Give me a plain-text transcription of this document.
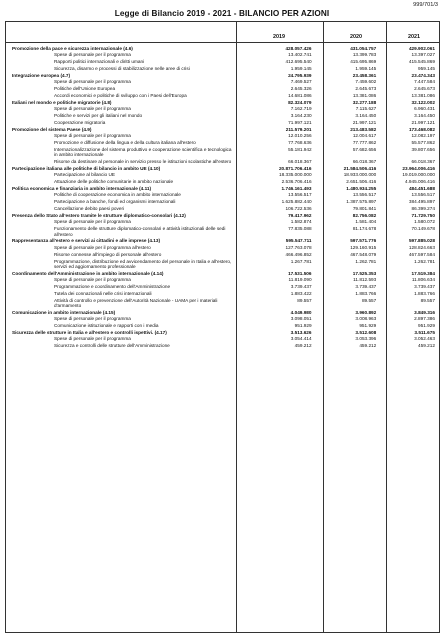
999/701/3
Legge di Bilancio 2019 - 2021 - BILANCIO PER AZIONI
2019	2020	2021
Promozione della pace e sicurezza internazionale (4.6)	428.057.426	431.054.757	429.902.061
Spese di personale per il programma	13.402.741	13.399.783	13.397.027
Rapporti politici internazionali e diritti umani	412.695.540	415.695.869	415.545.869
Sicurezza, disarmo e processi di stabilizzazione nelle aree di crisi	1.959.145	1.959.145	959.145
Integrazione europea (4.7)	24.795.939	23.458.361	23.474.343
Spese di personale per il programma	7.469.527	7.459.602	7.447.584
Politiche dell'Unione Europea	2.645.326	2.645.673	2.645.673
Accordi economici e politiche di sviluppo con i Paesi dell'Europa	14.681.086	13.381.086	13.381.086
Italiani nel mondo e politiche migratorie (4.8)	82.324.079	32.277.188	32.122.002
Spese di personale per il programma	7.162.719	7.115.627	6.960.431
Politiche e servizi per gli italiani nel mondo	3.164.230	3.164.450	3.164.450
Cooperazione migratoria	71.997.121	21.997.121	21.997.121
Promozione del sistema Paese (4.9)	211.579.201	213.483.582	173.468.082
Spese di personale per il programma	12.010.256	12.004.617	12.082.197
Promozione e diffusione della lingua e della cultura italiana all'estero	77.768.636	77.777.862	55.577.862
Internazionalizzazione del sistema produttivo e cooperazione scientifica e tecnologica in ambito internazionale
55.181.942	57.682.656	39.807.656
Risorse da destinare al personale in servizio presso le istituzioni scolastiche all'estero	66.018.367	66.018.367	66.018.367
Partecipazione italiana alle politiche di bilancio in ambito UE (4.10)	20.871.706.416	21.584.506.416	23.964.006.416
Partecipazione al bilancio UE	18.335.000.000	18.933.000.000	19.019.000.000
Attuazione delle politiche comunitarie in ambito nazionale	2.536.706.416	2.651.506.416	4.945.006.416
Politica economica e finanziaria in ambito internazionale (4.11)	1.746.161.493	1.480.934.255	484.451.688
Politiche di cooperazione economica in ambito internazionale	13.556.517	13.556.517	13.556.517
Partecipazione a banche, fondi ed organismi internazionali	1.625.882.440	1.387.575.897	384.495.897
Cancellazione debito paesi poveri	106.722.536	79.801.841	86.399.274
Presenza dello Stato all'estero tramite le strutture diplomatico-consolari (4.12)	79.417.962	82.756.082	71.729.750
Spese di personale per il programma	1.582.874	1.581.404	1.580.072
Funzionamento delle strutture diplomatico-consolari e attività istituzionali delle sedi all'estero
77.835.088	81.174.678	70.149.678
Rappresentanza all'estero e servizi ai cittadini e alle imprese (4.13)	595.547.711	597.571.776	597.885.028
Spese di personale per il programma all'estero	127.763.078	129.160.915	128.824.663
Risorse connesse all'impiego di personale all'estero	466.496.852	467.548.079	467.597.584
Programmazione, distribuzione ed avvicendamento del personale in Italia e all'estero, servizi ed aggiornamento professionale
1.267.781	1.262.781	1.262.781
Coordinamento dell'Amministrazione in ambito internazionale (4.14)	17.531.506	17.525.353	17.519.384
Spese di personale per il programma	11.819.090	11.812.593	11.806.634
Programmazione e coordinamento dell'Amministrazione	3.739.437	3.739.437	3.739.437
Tutela dei connazionali nelle crisi internazionali	1.883.422	1.883.766	1.883.766
Attività di controllo e prevenzione dell'Autorità Nazionale - UAMA per i materiali d'armamento
89.557	89.557	89.557
Comunicazione in ambito internazionale (4.15)	4.049.980	3.960.892	3.849.316
Spese di personale per il programma	3.098.051	3.008.963	2.897.386
Comunicazione istituzionale e rapporti con i media	951.929	951.929	951.929
Sicurezza delle strutture in Italia e all'estero e controlli ispettivi. (4.17)	3.513.626	3.512.608	3.511.675
Spese di personale per il programma	3.054.414	3.053.396	3.052.463
Sicurezza e controlli delle strutture dell'Amministrazione	459.212	459.212	459.212
